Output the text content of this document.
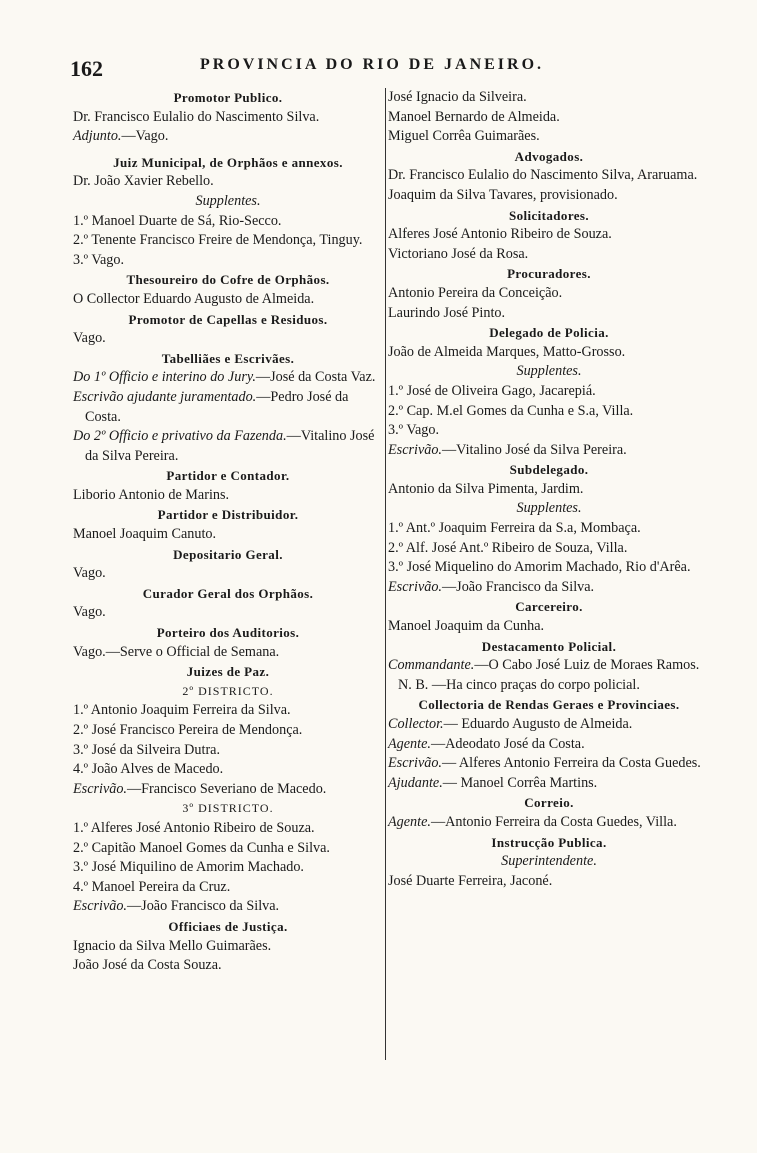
162	PROVINCIA DO RIO DE JANEIRO.
Promotor Publico.
Dr. Francisco Eulalio do Nascimento Silva.
Adjunto.—Vago.
Juiz Municipal, de Orphãos e annexos.
Dr. João Xavier Rebello.
Supplentes.
1.º Manoel Duarte de Sá, Rio-Secco.
2.º Tenente Francisco Freire de Mendonça, Tinguy.
3.º Vago.
Thesoureiro do Cofre de Orphãos.
O Collector Eduardo Augusto de Almeida.
Promotor de Capellas e Residuos.
Vago.
Tabelliães e Escrivães.
Do 1º Officio e interino do Jury.—José da Costa Vaz.
Escrivão ajudante juramentado.—Pedro José da Costa.
Do 2º Officio e privativo da Fazenda.—Vitalino José da Silva Pereira.
Partidor e Contador.
Liborio Antonio de Marins.
Partidor e Distribuidor.
Manoel Joaquim Canuto.
Depositario Geral.
Vago.
Curador Geral dos Orphãos.
Vago.
Porteiro dos Auditorios.
Vago.—Serve o Official de Semana.
Juizes de Paz.
2º DISTRICTO.
1.º Antonio Joaquim Ferreira da Silva.
2.º José Francisco Pereira de Mendonça.
3.º José da Silveira Dutra.
4.º João Alves de Macedo.
Escrivão.—Francisco Severiano de Macedo.
3º DISTRICTO.
1.º Alferes José Antonio Ribeiro de Souza.
2.º Capitão Manoel Gomes da Cunha e Silva.
3.º José Miquilino de Amorim Machado.
4.º Manoel Pereira da Cruz.
Escrivão.—João Francisco da Silva.
Officiaes de Justiça.
Ignacio da Silva Mello Guimarães.
João José da Costa Souza.
José Ignacio da Silveira.
Manoel Bernardo de Almeida.
Miguel Corrêa Guimarães.
Advogados.
Dr. Francisco Eulalio do Nascimento Silva, Araruama.
Joaquim da Silva Tavares, provisionado.
Solicitadores.
Alferes José Antonio Ribeiro de Souza.
Victoriano José da Rosa.
Procuradores.
Antonio Pereira da Conceição.
Laurindo José Pinto.
Delegado de Policia.
João de Almeida Marques, Matto-Grosso.
Supplentes.
1.º José de Oliveira Gago, Jacarepiá.
2.º Cap. M.el Gomes da Cunha e S.a, Villa.
3.º Vago.
Escrivão.—Vitalino José da Silva Pereira.
Subdelegado.
Antonio da Silva Pimenta, Jardim.
Supplentes.
1.º Ant.º Joaquim Ferreira da S.a, Mombaça.
2.º Alf. José Ant.º Ribeiro de Souza, Villa.
3.º José Miquelino do Amorim Machado, Rio d'Arêa.
Escrivão.—João Francisco da Silva.
Carcereiro.
Manoel Joaquim da Cunha.
Destacamento Policial.
Commandante.—O Cabo José Luiz de Moraes Ramos.
N. B. —Ha cinco praças do corpo policial.
Collectoria de Rendas Geraes e Provinciaes.
Collector.— Eduardo Augusto de Almeida.
Agente.—Adeodato José da Costa.
Escrivão.— Alferes Antonio Ferreira da Costa Guedes.
Ajudante.— Manoel Corrêa Martins.
Correio.
Agente.—Antonio Ferreira da Costa Guedes, Villa.
Instrucção Publica.
Superintendente.
José Duarte Ferreira, Jaconé.
